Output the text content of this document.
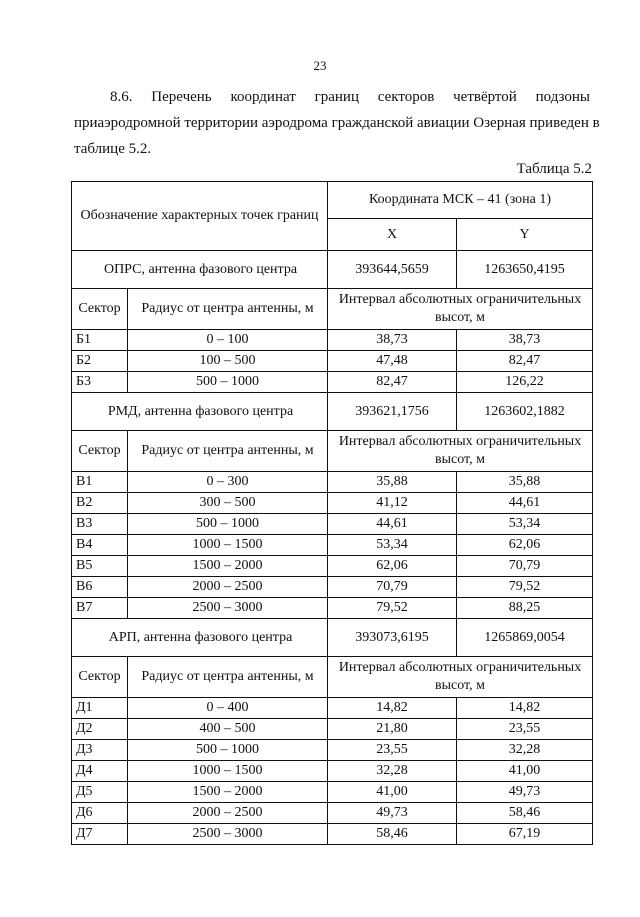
23
8.6. Перечень координат границ секторов четвёртой подзоны
приаэродромной территории аэродрома гражданской авиации Озерная приведен в
таблице 5.2.
Таблица 5.2
Обозначение характерных точек границ		Координата МСК – 41 (зона 1)	
		X	Y
ОПРС, антенна фазового центра		393644,5659	1263650,4195
Сектор	Радиус от центра антенны, м	Интервал абсолютных ограничительных высот, м	
Б1	0 – 100	38,73	38,73
Б2	100 – 500	47,48	82,47
Б3	500 – 1000	82,47	126,22
РМД, антенна фазового центра		393621,1756	1263602,1882
Сектор	Радиус от центра антенны, м	Интервал абсолютных ограничительных высот, м	
В1	0 – 300	35,88	35,88
В2	300 – 500	41,12	44,61
В3	500 – 1000	44,61	53,34
В4	1000 – 1500	53,34	62,06
В5	1500 – 2000	62,06	70,79
В6	2000 – 2500	70,79	79,52
В7	2500 – 3000	79,52	88,25
АРП, антенна фазового центра		393073,6195	1265869,0054
Сектор	Радиус от центра антенны, м	Интервал абсолютных ограничительных высот, м	
Д1	0 – 400	14,82	14,82
Д2	400 – 500	21,80	23,55
Д3	500 – 1000	23,55	32,28
Д4	1000 – 1500	32,28	41,00
Д5	1500 – 2000	41,00	49,73
Д6	2000 – 2500	49,73	58,46
Д7	2500 – 3000	58,46	67,19
